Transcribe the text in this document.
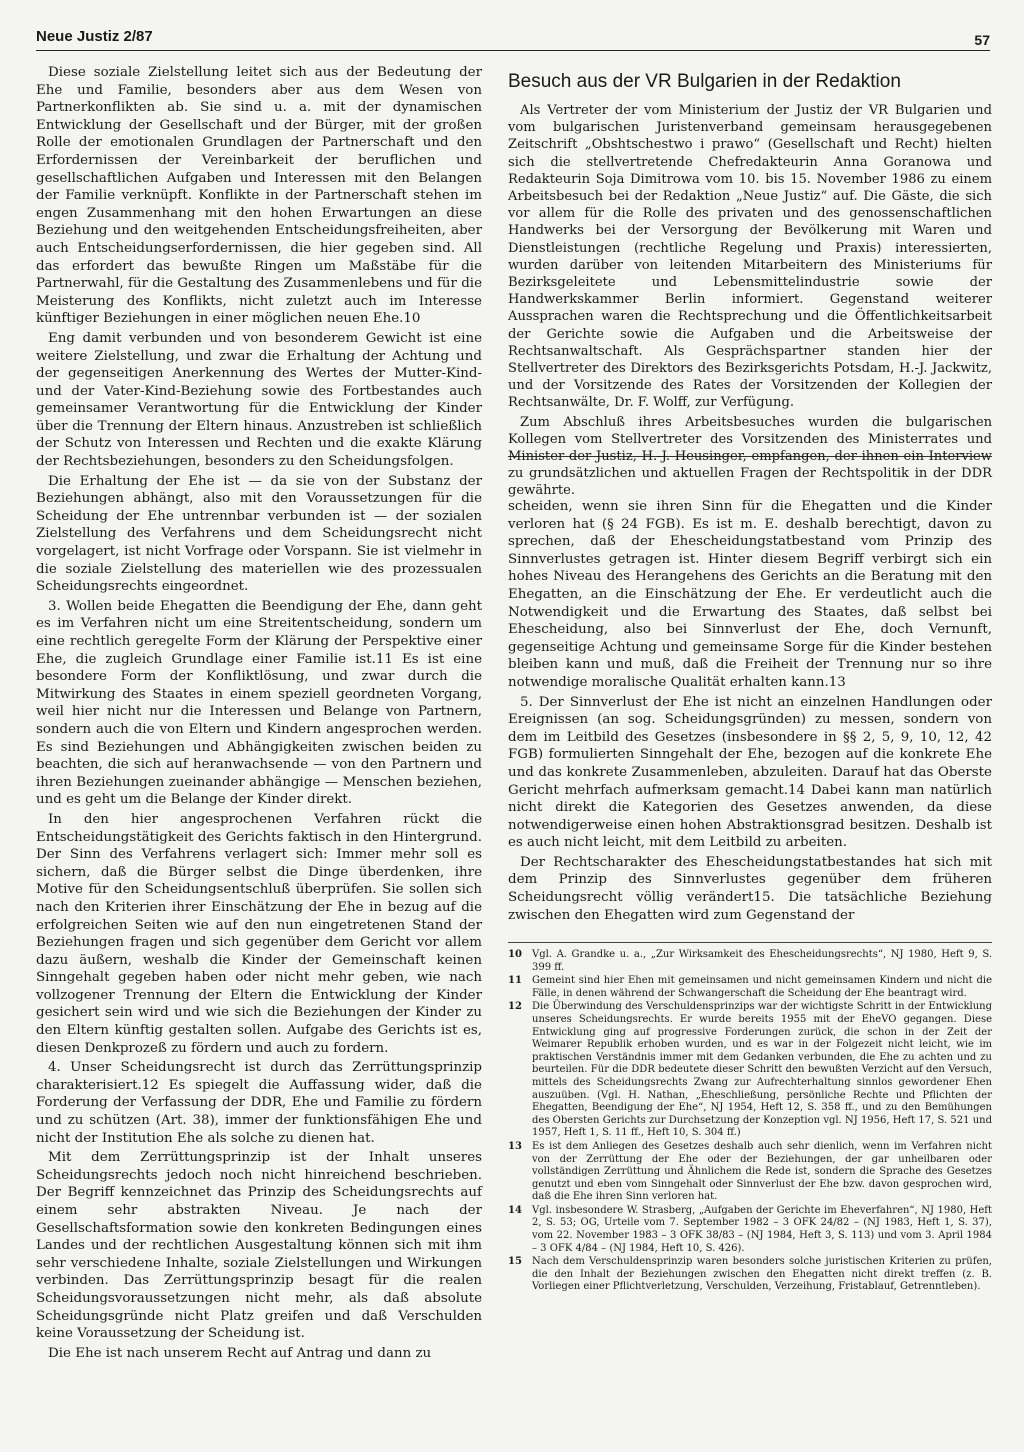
Neue Justiz 2/87	57

Diese soziale Zielstellung leitet sich aus der Bedeutung der Ehe und Familie, besonders aber aus dem Wesen von Partnerkonflikten ab. Sie sind u. a. mit der dynamischen Entwicklung der Gesellschaft und der Bürger, mit der großen Rolle der emotionalen Grundlagen der Partnerschaft und den Erfordernissen der Vereinbarkeit der beruflichen und gesellschaftlichen Aufgaben und Interessen mit den Belangen der Familie verknüpft. Konflikte in der Partnerschaft stehen im engen Zusammenhang mit den hohen Erwartungen an diese Beziehung und den weitgehenden Entscheidungsfreiheiten, aber auch Entscheidungserfordernissen, die hier gegeben sind. All das erfordert das bewußte Ringen um Maßstäbe für die Partnerwahl, für die Gestaltung des Zusammenlebens und für die Meisterung des Konflikts, nicht zuletzt auch im Interesse künftiger Beziehungen in einer möglichen neuen Ehe.10

Eng damit verbunden und von besonderem Gewicht ist eine weitere Zielstellung, und zwar die Erhaltung der Achtung und der gegenseitigen Anerkennung des Wertes der Mutter-Kind- und der Vater-Kind-Beziehung sowie des Fortbestandes auch gemeinsamer Verantwortung für die Entwicklung der Kinder über die Trennung der Eltern hinaus. Anzustreben ist schließlich der Schutz von Interessen und Rechten und die exakte Klärung der Rechtsbeziehungen, besonders zu den Scheidungsfolgen.

Die Erhaltung der Ehe ist — da sie von der Substanz der Beziehungen abhängt, also mit den Voraussetzungen für die Scheidung der Ehe untrennbar verbunden ist — der sozialen Zielstellung des Verfahrens und dem Scheidungsrecht nicht vorgelagert, ist nicht Vorfrage oder Vorspann. Sie ist vielmehr in die soziale Zielstellung des materiellen wie des prozessualen Scheidungsrechts eingeordnet.

3. Wollen beide Ehegatten die Beendigung der Ehe, dann geht es im Verfahren nicht um eine Streitentscheidung, sondern um eine rechtlich geregelte Form der Klärung der Perspektive einer Ehe, die zugleich Grundlage einer Familie ist.11 Es ist eine besondere Form der Konfliktlösung, und zwar durch die Mitwirkung des Staates in einem speziell geordneten Vorgang, weil hier nicht nur die Interessen und Belange von Partnern, sondern auch die von Eltern und Kindern angesprochen werden. Es sind Beziehungen und Abhängigkeiten zwischen beiden zu beachten, die sich auf heranwachsende — von den Partnern und ihren Beziehungen zueinander abhängige — Menschen beziehen, und es geht um die Belange der Kinder direkt.

In den hier angesprochenen Verfahren rückt die Entscheidungstätigkeit des Gerichts faktisch in den Hintergrund. Der Sinn des Verfahrens verlagert sich: Immer mehr soll es sichern, daß die Bürger selbst die Dinge überdenken, ihre Motive für den Scheidungsentschluß überprüfen. Sie sollen sich nach den Kriterien ihrer Einschätzung der Ehe in bezug auf die erfolgreichen Seiten wie auf den nun eingetretenen Stand der Beziehungen fragen und sich gegenüber dem Gericht vor allem dazu äußern, weshalb die Kinder der Gemeinschaft keinen Sinngehalt gegeben haben oder nicht mehr geben, wie nach vollzogener Trennung der Eltern die Entwicklung der Kinder gesichert sein wird und wie sich die Beziehungen der Kinder zu den Eltern künftig gestalten sollen. Aufgabe des Gerichts ist es, diesen Denkprozeß zu fördern und auch zu fordern.

4. Unser Scheidungsrecht ist durch das Zerrüttungsprinzip charakterisiert.12 Es spiegelt die Auffassung wider, daß die Forderung der Verfassung der DDR, Ehe und Familie zu fördern und zu schützen (Art. 38), immer der funktionsfähigen Ehe und nicht der Institution Ehe als solche zu dienen hat.

Mit dem Zerrüttungsprinzip ist der Inhalt unseres Scheidungsrechts jedoch noch nicht hinreichend beschrieben. Der Begriff kennzeichnet das Prinzip des Scheidungsrechts auf einem sehr abstrakten Niveau. Je nach der Gesellschaftsformation sowie den konkreten Bedingungen eines Landes und der rechtlichen Ausgestaltung können sich mit ihm sehr verschiedene Inhalte, soziale Zielstellungen und Wirkungen verbinden. Das Zerrüttungsprinzip besagt für die realen Scheidungsvoraussetzungen nicht mehr, als daß absolute Scheidungsgründe nicht Platz greifen und daß Verschulden keine Voraussetzung der Scheidung ist.

Die Ehe ist nach unserem Recht auf Antrag und dann zu

Besuch aus der VR Bulgarien in der Redaktion

Als Vertreter der vom Ministerium der Justiz der VR Bulgarien und vom bulgarischen Juristenverband gemeinsam herausgegebenen Zeitschrift „Obshtschestwo i prawo“ (Gesellschaft und Recht) hielten sich die stellvertretende Chefredakteurin Anna Goranowa und Redakteurin Soja Dimitrowa vom 10. bis 15. November 1986 zu einem Arbeitsbesuch bei der Redaktion „Neue Justiz“ auf. Die Gäste, die sich vor allem für die Rolle des privaten und des genossenschaftlichen Handwerks bei der Versorgung der Bevölkerung mit Waren und Dienstleistungen (rechtliche Regelung und Praxis) interessierten, wurden darüber von leitenden Mitarbeitern des Ministeriums für Bezirksgeleitete und Lebensmittelindustrie sowie der Handwerkskammer Berlin informiert. Gegenstand weiterer Aussprachen waren die Rechtsprechung und die Öffentlichkeitsarbeit der Gerichte sowie die Aufgaben und die Arbeitsweise der Rechtsanwaltschaft. Als Gesprächspartner standen hier der Stellvertreter des Direktors des Bezirksgerichts Potsdam, H.-J. Jackwitz, und der Vorsitzende des Rates der Vorsitzenden der Kollegien der Rechtsanwälte, Dr. F. Wolff, zur Verfügung.

Zum Abschluß ihres Arbeitsbesuches wurden die bulgarischen Kollegen vom Stellvertreter des Vorsitzenden des Ministerrates und Minister der Justiz, H.-J. Heusinger, empfangen, der ihnen ein Interview zu grundsätzlichen und aktuellen Fragen der Rechtspolitik in der DDR gewährte.

scheiden, wenn sie ihren Sinn für die Ehegatten und die Kinder verloren hat (§ 24 FGB). Es ist m. E. deshalb berechtigt, davon zu sprechen, daß der Ehescheidungstatbestand vom Prinzip des Sinnverlustes getragen ist. Hinter diesem Begriff verbirgt sich ein hohes Niveau des Herangehens des Gerichts an die Beratung mit den Ehegatten, an die Einschätzung der Ehe. Er verdeutlicht auch die Notwendigkeit und die Erwartung des Staates, daß selbst bei Ehescheidung, also bei Sinnverlust der Ehe, doch Vernunft, gegenseitige Achtung und gemeinsame Sorge für die Kinder bestehen bleiben kann und muß, daß die Freiheit der Trennung nur so ihre notwendige moralische Qualität erhalten kann.13

5. Der Sinnverlust der Ehe ist nicht an einzelnen Handlungen oder Ereignissen (an sog. Scheidungsgründen) zu messen, sondern von dem im Leitbild des Gesetzes (insbesondere in §§ 2, 5, 9, 10, 12, 42 FGB) formulierten Sinngehalt der Ehe, bezogen auf die konkrete Ehe und das konkrete Zusammenleben, abzuleiten. Darauf hat das Oberste Gericht mehrfach aufmerksam gemacht.14 Dabei kann man natürlich nicht direkt die Kategorien des Gesetzes anwenden, da diese notwendigerweise einen hohen Abstraktionsgrad besitzen. Deshalb ist es auch nicht leicht, mit dem Leitbild zu arbeiten.

Der Rechtscharakter des Ehescheidungstatbestandes hat sich mit dem Prinzip des Sinnverlustes gegenüber dem früheren Scheidungsrecht völlig verändert15. Die tatsächliche Beziehung zwischen den Ehegatten wird zum Gegenstand der

10	Vgl. A. Grandke u. a., „Zur Wirksamkeit des Ehescheidungsrechts“, NJ 1980, Heft 9, S. 399 ff.
11	Gemeint sind hier Ehen mit gemeinsamen und nicht gemeinsamen Kindern und nicht die Fälle, in denen während der Schwangerschaft die Scheidung der Ehe beantragt wird.
12	Die Überwindung des Verschuldensprinzips war der wichtigste Schritt in der Entwicklung unseres Scheidungsrechts. Er wurde bereits 1955 mit der EheVO gegangen. Diese Entwicklung ging auf progressive Forderungen zurück, die schon in der Zeit der Weimarer Republik erhoben wurden, und es war in der Folgezeit nicht leicht, wie im praktischen Verständnis immer mit dem Gedanken verbunden, die Ehe zu achten und zu beurteilen. Für die DDR bedeutete dieser Schritt den bewußten Verzicht auf den Versuch, mittels des Scheidungsrechts Zwang zur Aufrechterhaltung sinnlos gewordener Ehen auszuüben. (Vgl. H. Nathan, „Eheschließung, persönliche Rechte und Pflichten der Ehegatten, Beendigung der Ehe“, NJ 1954, Heft 12, S. 358 ff., und zu den Bemühungen des Obersten Gerichts zur Durchsetzung der Konzeption vgl. NJ 1956, Heft 17, S. 521 und 1957, Heft 1, S. 11 ff., Heft 10, S. 304 ff.)
13	Es ist dem Anliegen des Gesetzes deshalb auch sehr dienlich, wenn im Verfahren nicht von der Zerrüttung der Ehe oder der Beziehungen, der gar unheilbaren oder vollständigen Zerrüttung und Ähnlichem die Rede ist, sondern die Sprache des Gesetzes genutzt und eben vom Sinngehalt oder Sinnverlust der Ehe bzw. davon gesprochen wird, daß die Ehe ihren Sinn verloren hat.
14	Vgl. insbesondere W. Strasberg, „Aufgaben der Gerichte im Eheverfahren“, NJ 1980, Heft 2, S. 53; OG, Urteile vom 7. September 1982 – 3 OFK 24/82 – (NJ 1983, Heft 1, S. 37), vom 22. November 1983 – 3 OFK 38/83 – (NJ 1984, Heft 3, S. 113) und vom 3. April 1984 – 3 OFK 4/84 – (NJ 1984, Heft 10, S. 426).
15	Nach dem Verschuldensprinzip waren besonders solche juristischen Kriterien zu prüfen, die den Inhalt der Beziehungen zwischen den Ehegatten nicht direkt treffen (z. B. Vorliegen einer Pflichtverletzung, Verschulden, Verzeihung, Fristablauf, Getrenntleben).
